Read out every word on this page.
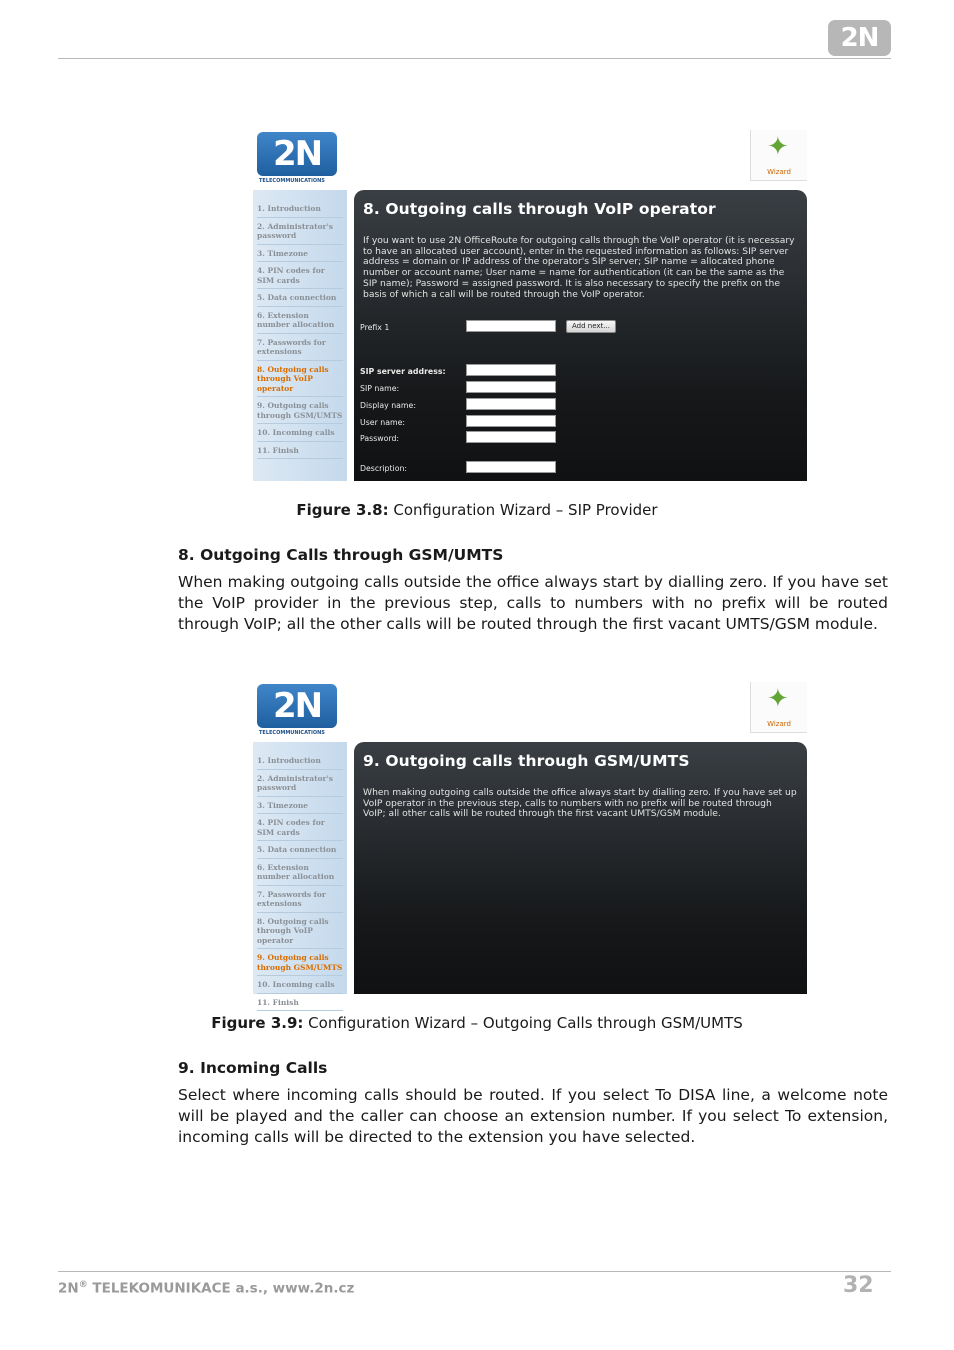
2N
2N
TELECOMMUNICATIONS
✦
Wizard
1. Introduction
2. Administrator's password
3. Timezone
4. PIN codes for SIM cards
5. Data connection
6. Extension number allocation
7. Passwords for extensions
8. Outgoing calls through VoIP operator
9. Outgoing calls through GSM/UMTS
10. Incoming calls
11. Finish
8. Outgoing calls through VoIP operator
If you want to use 2N OfficeRoute for outgoing calls through the VoIP operator (it is necessary to have an allocated user account), enter in the requested information as follows: SIP server address = domain or IP address of the operator's SIP server; SIP name = allocated phone number or account name; User name = name for authentication (it can be the same as the SIP name); Password = assigned password. It is also necessary to specify the prefix on the basis of which a call will be routed through the VoIP operator.
Prefix 1	Add next...
SIP server address:
SIP name:
Display name:
User name:
Password:
Description:
Figure 3.8: Configuration Wizard – SIP Provider
8. Outgoing Calls through GSM/UMTS
When making outgoing calls outside the office always start by dialling zero. If you have set the VoIP provider in the previous step, calls to numbers with no prefix will be routed through VoIP; all the other calls will be routed through the first vacant UMTS/GSM module.
2N
TELECOMMUNICATIONS
✦
Wizard
1. Introduction
2. Administrator's password
3. Timezone
4. PIN codes for SIM cards
5. Data connection
6. Extension number allocation
7. Passwords for extensions
8. Outgoing calls through VoIP operator
9. Outgoing calls through GSM/UMTS
10. Incoming calls
11. Finish
9. Outgoing calls through GSM/UMTS
When making outgoing calls outside the office always start by dialling zero. If you have set up VoIP operator in the previous step, calls to numbers with no prefix will be routed through VoIP; all other calls will be routed through the first vacant UMTS/GSM module.
Figure 3.9: Configuration Wizard – Outgoing Calls through GSM/UMTS
9. Incoming Calls
Select where incoming calls should be routed. If you select To DISA line, a welcome note will be played and the caller can choose an extension number. If you select To extension, incoming calls will be directed to the extension you have selected.
2N® TELEKOMUNIKACE a.s., www.2n.cz	32
